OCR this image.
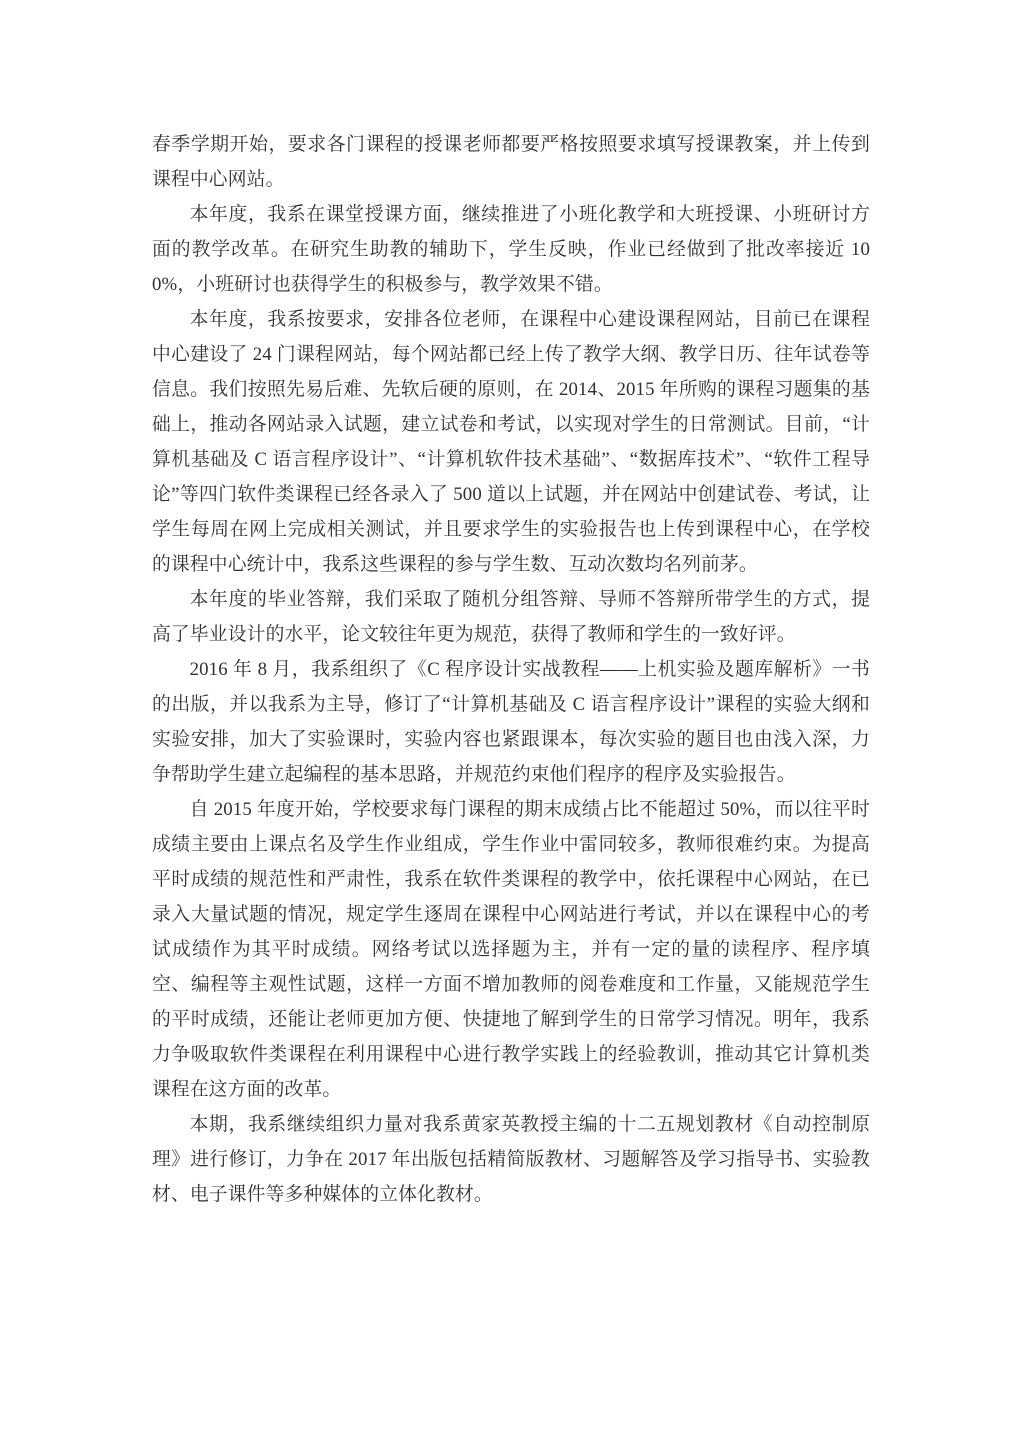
春季学期开始，要求各门课程的授课老师都要严格按照要求填写授课教案，并上传到课程中心网站。

本年度，我系在课堂授课方面，继续推进了小班化教学和大班授课、小班研讨方面的教学改革。在研究生助教的辅助下，学生反映，作业已经做到了批改率接近 100%，小班研讨也获得学生的积极参与，教学效果不错。

本年度，我系按要求，安排各位老师，在课程中心建设课程网站，目前已在课程中心建设了 24 门课程网站，每个网站都已经上传了教学大纲、教学日历、往年试卷等信息。我们按照先易后难、先软后硬的原则，在 2014、2015 年所购的课程习题集的基础上，推动各网站录入试题，建立试卷和考试，以实现对学生的日常测试。目前，“计算机基础及 C 语言程序设计”、“计算机软件技术基础”、“数据库技术”、“软件工程导论”等四门软件类课程已经各录入了 500 道以上试题，并在网站中创建试卷、考试，让学生每周在网上完成相关测试，并且要求学生的实验报告也上传到课程中心，在学校的课程中心统计中，我系这些课程的参与学生数、互动次数均名列前茅。

本年度的毕业答辩，我们采取了随机分组答辩、导师不答辩所带学生的方式，提高了毕业设计的水平，论文较往年更为规范，获得了教师和学生的一致好评。

2016 年 8 月，我系组织了《C 程序设计实战教程——上机实验及题库解析》一书的出版，并以我系为主导，修订了“计算机基础及 C 语言程序设计”课程的实验大纲和实验安排，加大了实验课时，实验内容也紧跟课本，每次实验的题目也由浅入深，力争帮助学生建立起编程的基本思路，并规范约束他们程序的程序及实验报告。

自 2015 年度开始，学校要求每门课程的期末成绩占比不能超过 50%，而以往平时成绩主要由上课点名及学生作业组成，学生作业中雷同较多，教师很难约束。为提高平时成绩的规范性和严肃性，我系在软件类课程的教学中，依托课程中心网站，在已录入大量试题的情况，规定学生逐周在课程中心网站进行考试，并以在课程中心的考试成绩作为其平时成绩。网络考试以选择题为主，并有一定的量的读程序、程序填空、编程等主观性试题，这样一方面不增加教师的阅卷难度和工作量，又能规范学生的平时成绩，还能让老师更加方便、快捷地了解到学生的日常学习情况。明年，我系力争吸取软件类课程在利用课程中心进行教学实践上的经验教训，推动其它计算机类课程在这方面的改革。

本期，我系继续组织力量对我系黄家英教授主编的十二五规划教材《自动控制原理》进行修订，力争在 2017 年出版包括精简版教材、习题解答及学习指导书、实验教材、电子课件等多种媒体的立体化教材。
